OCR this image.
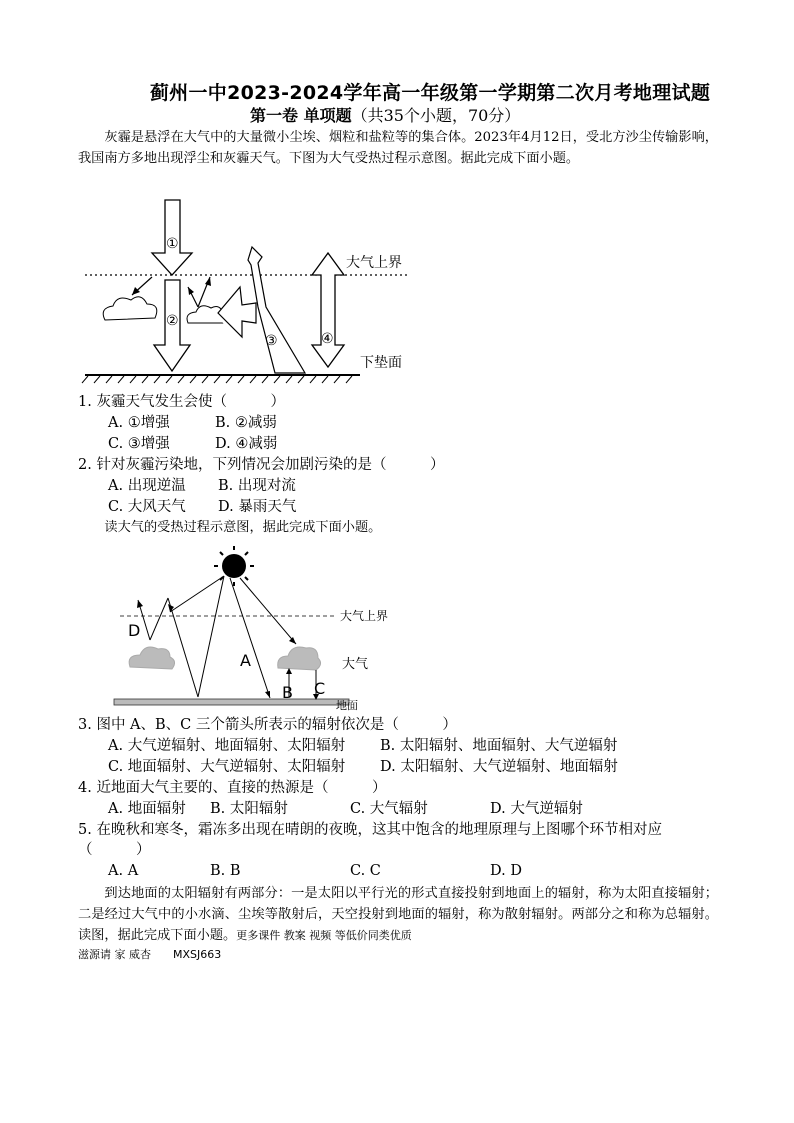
蓟州一中2023-2024学年高一年级第一学期第二次月考地理试题
第一卷 单项题（共35个小题，70分）

灰霾是悬浮在大气中的大量微小尘埃、烟粒和盐粒等的集合体。2023年4月12日，受北方沙尘传输影响，我国南方多地出现浮尘和灰霾天气。下图为大气受热过程示意图。据此完成下面小题。

①
②
③	④
大气上界
下垫面
1. 灰霾天气发生会使（　　　）
A. ①增强	B. ②减弱
C. ③增强	D. ④减弱
2. 针对灰霾污染地，下列情况会加剧污染的是（　　　）
A. 出现逆温 B. 出现对流
C. 大风天气 D. 暴雨天气

读大气的受热过程示意图，据此完成下面小题。

大气上界
地面
大气
D
A
B C
3. 图中 A、B、C 三个箭头所表示的辐射依次是（　　　）
A. 大气逆辐射、地面辐射、太阳辐射 B. 太阳辐射、地面辐射、大气逆辐射
C. 地面辐射、大气逆辐射、太阳辐射 D. 太阳辐射、大气逆辐射、地面辐射
4. 近地面大气主要的、直接的热源是（　　　）
A. 地面辐射 B. 太阳辐射	C. 大气辐射	D. 大气逆辐射
5. 在晚秋和寒冬，霜冻多出现在晴朗的夜晚，这其中饱含的地理原理与上图哪个环节相对应
（　　　）
A. A	B. B	C. C	D. D

到达地面的太阳辐射有两部分：一是太阳以平行光的形式直接投射到地面上的辐射，称为太阳直接辐射；二是经过大气中的小水滴、尘埃等散射后，天空投射到地面的辐射，称为散射辐射。两部分之和称为总辐射。读图，据此完成下面小题。更多课件 教案 视频 等低价同类优质

滋源请 家 威杏　　MXSJ663
